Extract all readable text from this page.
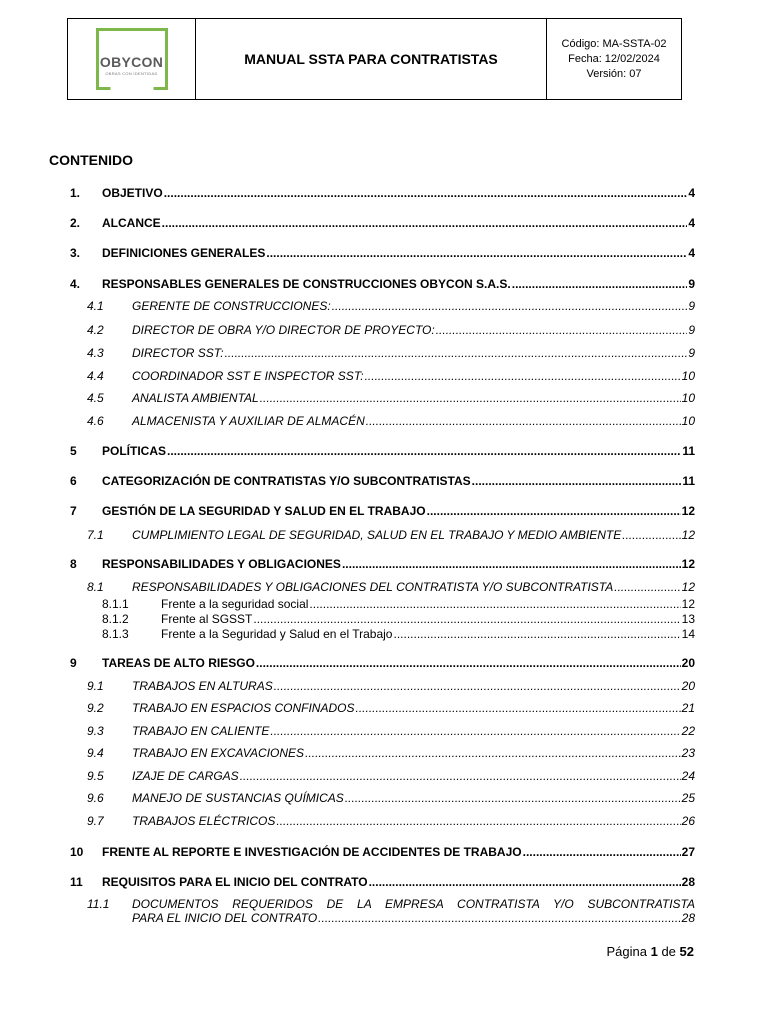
OBYCON
OBRAS CON IDENTIDAD
MANUAL SSTA PARA CONTRATISTAS
Código: MA-SSTA-02
Fecha: 12/02/2024
Versión: 07
CONTENIDO
1. OBJETIVO .....	4
2. ALCANCE .....	4
3. DEFINICIONES GENERALES .....	4
4. RESPONSABLES GENERALES DE CONSTRUCCIONES OBYCON S.A.S. .....	9
4.1 GERENTE DE CONSTRUCCIONES: .....	9
4.2 DIRECTOR DE OBRA Y/O DIRECTOR DE PROYECTO: .....	9
4.3 DIRECTOR SST: .....	9
4.4 COORDINADOR SST E INSPECTOR SST: .....	10
4.5 ANALISTA AMBIENTAL .....	10
4.6 ALMACENISTA Y AUXILIAR DE ALMACÉN .....	10
5 POLÍTICAS .....	11
6 CATEGORIZACIÓN DE CONTRATISTAS Y/O SUBCONTRATISTAS .....	11
7 GESTIÓN DE LA SEGURIDAD Y SALUD EN EL TRABAJO .....	12
7.1 CUMPLIMIENTO LEGAL DE SEGURIDAD, SALUD EN EL TRABAJO Y MEDIO AMBIENTE .....	12
8 RESPONSABILIDADES Y OBLIGACIONES .....	12
8.1 RESPONSABILIDADES Y OBLIGACIONES DEL CONTRATISTA Y/O SUBCONTRATISTA .....	12
8.1.1	Frente a la seguridad social .....	12
8.1.2	Frente al SGSST .....	13
8.1.3	Frente a la Seguridad y Salud en el Trabajo .....	14
9 TAREAS DE ALTO RIESGO .....	20
9.1 TRABAJOS EN ALTURAS .....	20
9.2 TRABAJO EN ESPACIOS CONFINADOS .....	21
9.3 TRABAJO EN CALIENTE .....	22
9.4 TRABAJO EN EXCAVACIONES .....	23
9.5 IZAJE DE CARGAS .....	24
9.6 MANEJO DE SUSTANCIAS QUÍMICAS .....	25
9.7 TRABAJOS ELÉCTRICOS .....	26
10 FRENTE AL REPORTE E INVESTIGACIÓN DE ACCIDENTES DE TRABAJO .....	27
11 REQUISITOS PARA EL INICIO DEL CONTRATO .....	28
11.1 DOCUMENTOS REQUERIDOS DE LA EMPRESA CONTRATISTA Y/O SUBCONTRATISTA
PARA EL INICIO DEL CONTRATO .....	28
Página 1 de 52
